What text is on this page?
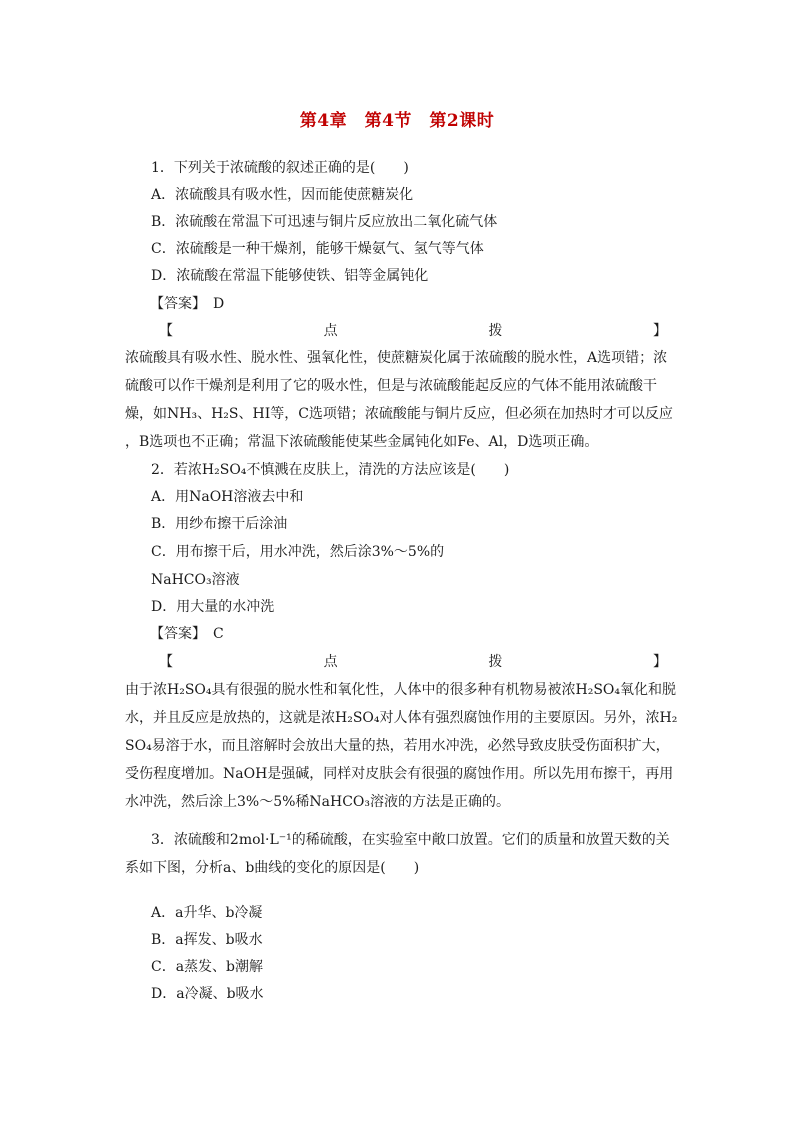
第4章　第4节　第2课时
1．下列关于浓硫酸的叙述正确的是(　　)
A．浓硫酸具有吸水性，因而能使蔗糖炭化
B．浓硫酸在常温下可迅速与铜片反应放出二氧化硫气体
C．浓硫酸是一种干燥剂，能够干燥氨气、氢气等气体
D．浓硫酸在常温下能够使铁、铝等金属钝化
【答案】　D
【	点	拨	】
浓硫酸具有吸水性、脱水性、强氧化性，使蔗糖炭化属于浓硫酸的脱水性，A选项错；浓
硫酸可以作干燥剂是利用了它的吸水性，但是与浓硫酸能起反应的气体不能用浓硫酸干
燥，如NH₃、H₂S、HI等，C选项错；浓硫酸能与铜片反应，但必须在加热时才可以反应
，B选项也不正确；常温下浓硫酸能使某些金属钝化如Fe、Al，D选项正确。
2．若浓H₂SO₄不慎溅在皮肤上，清洗的方法应该是(　　)
A．用NaOH溶液去中和
B．用纱布擦干后涂油
C．用布擦干后，用水冲洗，然后涂3%～5%的
NaHCO₃溶液
D．用大量的水冲洗
【答案】　C
【	点	拨	】
由于浓H₂SO₄具有很强的脱水性和氧化性，人体中的很多种有机物易被浓H₂SO₄氧化和脱
水，并且反应是放热的，这就是浓H₂SO₄对人体有强烈腐蚀作用的主要原因。另外，浓H₂
SO₄易溶于水，而且溶解时会放出大量的热，若用水冲洗，必然导致皮肤受伤面积扩大，
受伤程度增加。NaOH是强碱，同样对皮肤会有很强的腐蚀作用。所以先用布擦干，再用
水冲洗，然后涂上3%～5%稀NaHCO₃溶液的方法是正确的。
3．浓硫酸和2mol·L⁻¹的稀硫酸，在实验室中敞口放置。它们的质量和放置天数的关
系如下图，分析a、b曲线的变化的原因是(　　)
A．a升华、b冷凝
B．a挥发、b吸水
C．a蒸发、b潮解
D．a冷凝、b吸水
